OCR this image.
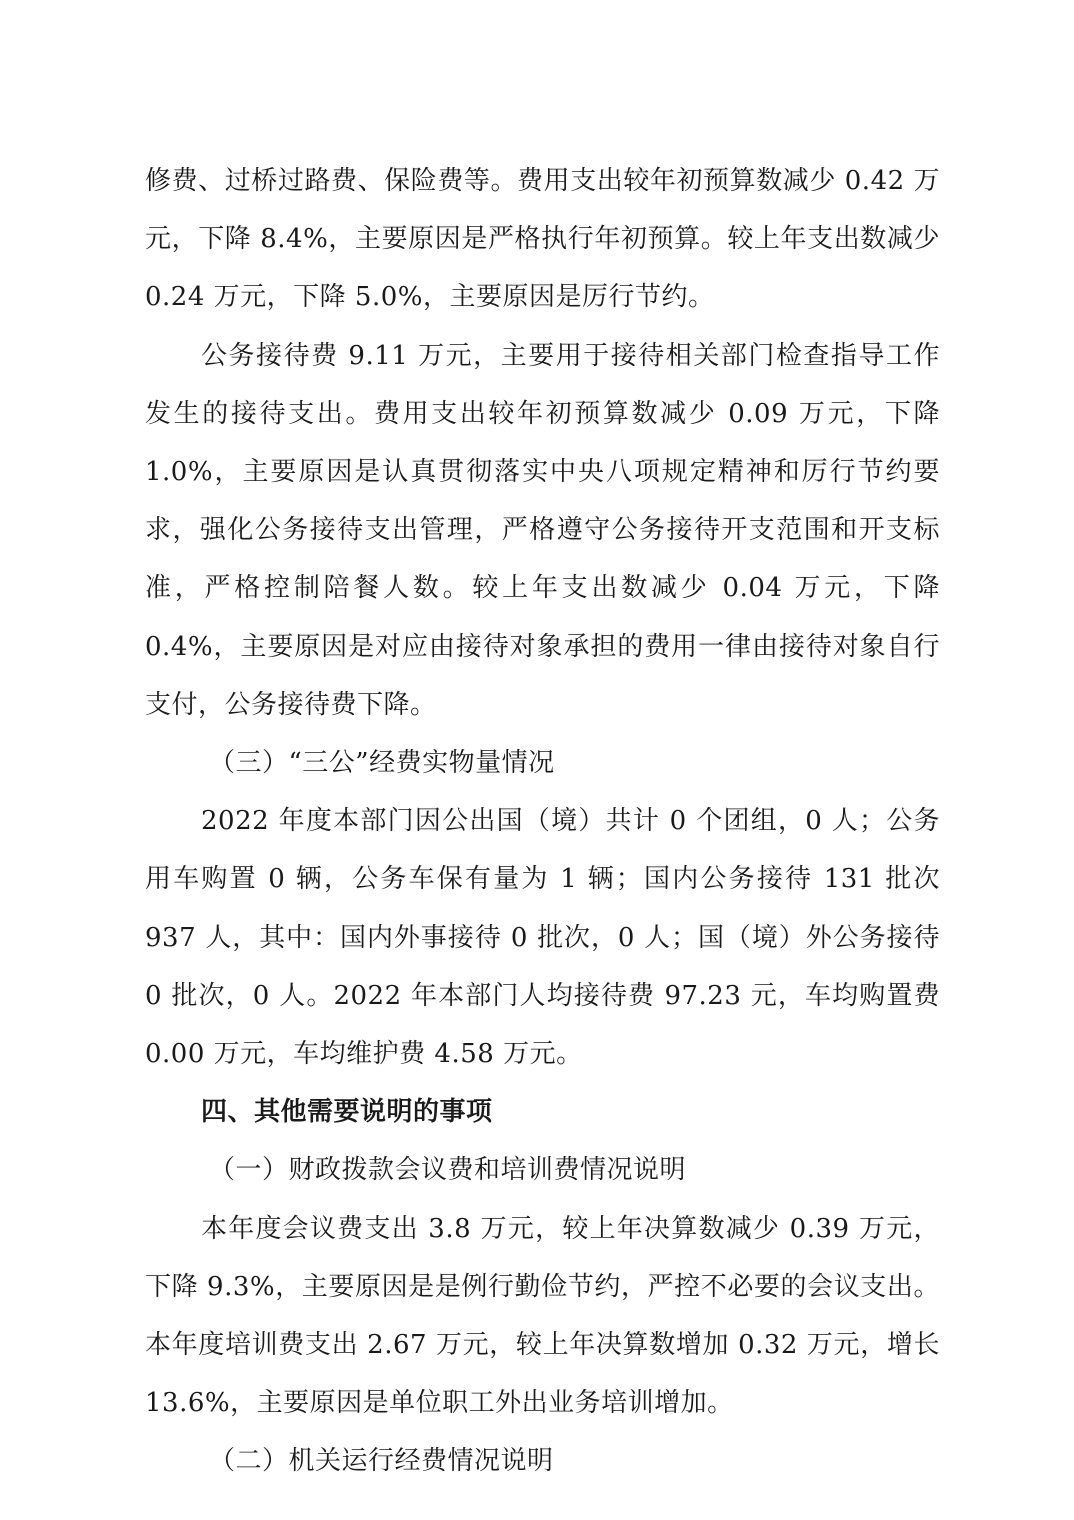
修费、过桥过路费、保险费等。费用支出较年初预算数减少 0.42 万元，下降 8.4%，主要原因是严格执行年初预算。较上年支出数减少 0.24 万元，下降 5.0%，主要原因是厉行节约。

公务接待费 9.11 万元，主要用于接待相关部门检查指导工作发生的接待支出。费用支出较年初预算数减少 0.09 万元，下降 1.0%，主要原因是认真贯彻落实中央八项规定精神和厉行节约要求，强化公务接待支出管理，严格遵守公务接待开支范围和开支标准，严格控制陪餐人数。较上年支出数减少 0.04 万元，下降 0.4%，主要原因是对应由接待对象承担的费用一律由接待对象自行支付，公务接待费下降。

（三）“三公”经费实物量情况

2022 年度本部门因公出国（境）共计 0 个团组，0 人；公务用车购置 0 辆，公务车保有量为 1 辆；国内公务接待 131 批次 937 人，其中：国内外事接待 0 批次，0 人；国（境）外公务接待 0 批次，0 人。2022 年本部门人均接待费 97.23 元，车均购置费 0.00 万元，车均维护费 4.58 万元。

四、其他需要说明的事项

（一）财政拨款会议费和培训费情况说明

本年度会议费支出 3.8 万元，较上年决算数减少 0.39 万元，下降 9.3%，主要原因是是例行勤俭节约，严控不必要的会议支出。本年度培训费支出 2.67 万元，较上年决算数增加 0.32 万元，增长 13.6%，主要原因是单位职工外出业务培训增加。

（二）机关运行经费情况说明
